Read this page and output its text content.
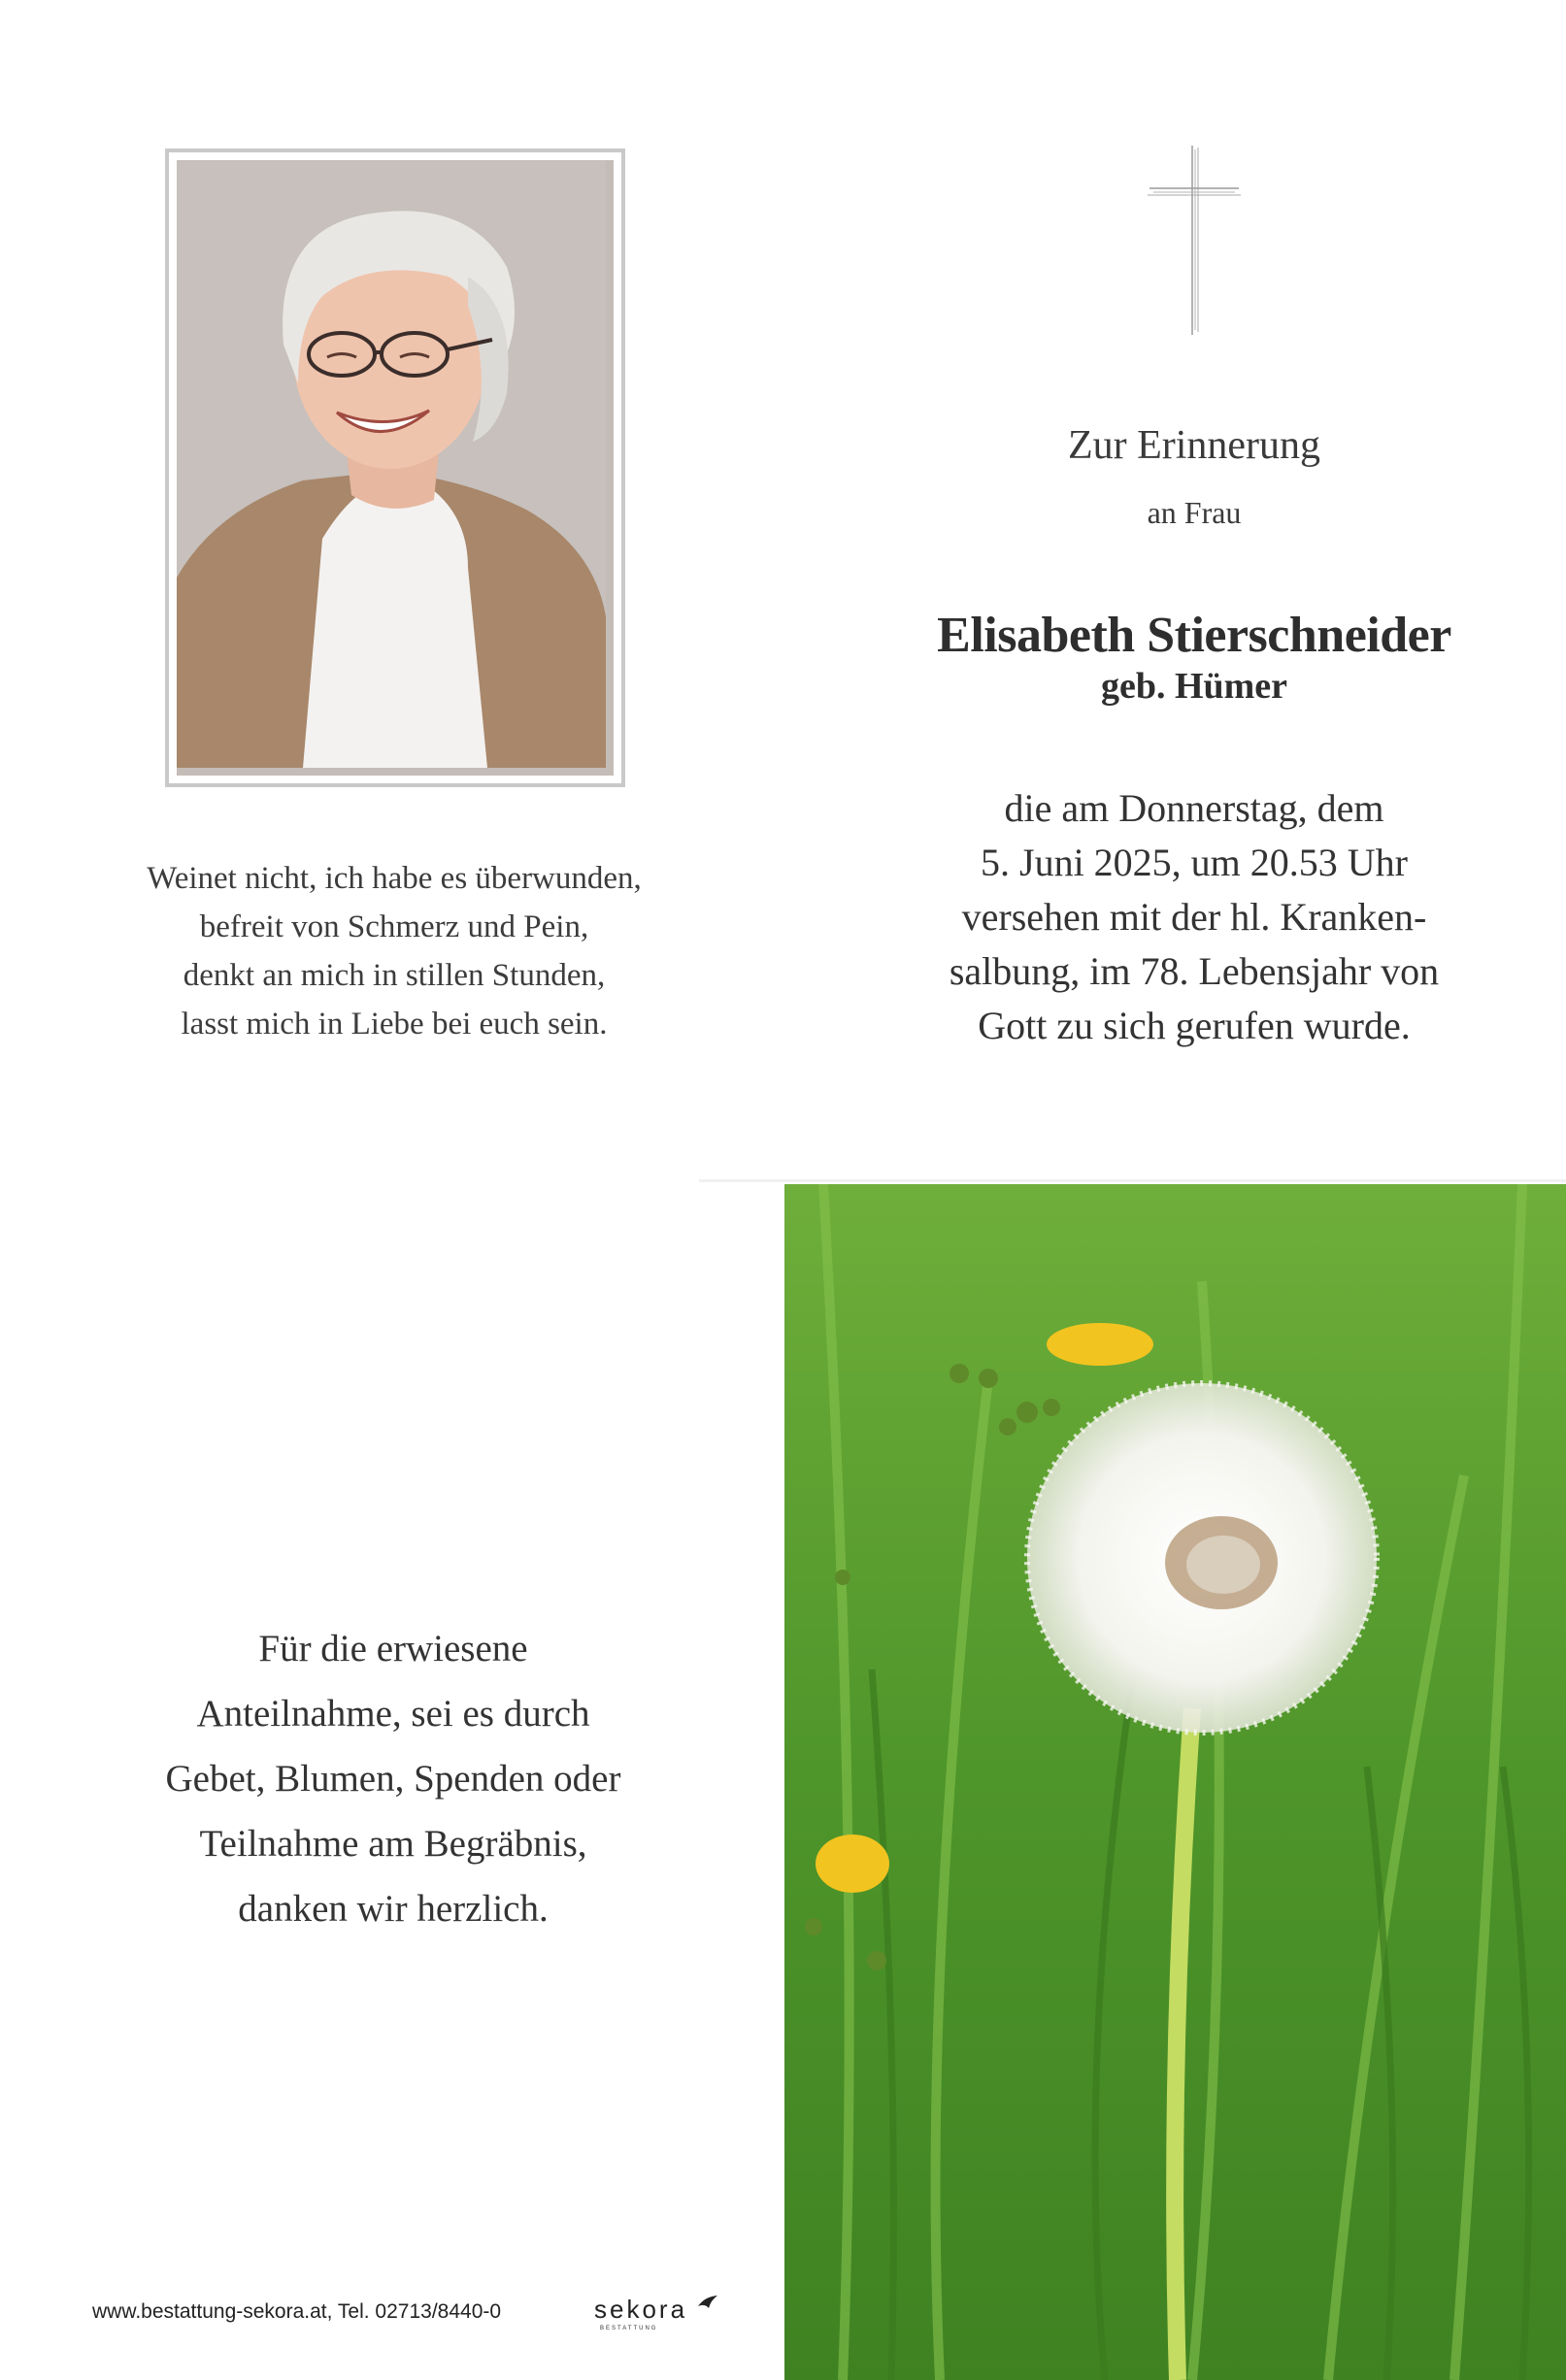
Weinet nicht, ich habe es überwunden,
befreit von Schmerz und Pein,
denkt an mich in stillen Stunden,
lasst mich in Liebe bei euch sein.
Zur Erinnerung
an Frau
Elisabeth Stierschneider
geb. Hümer
die am Donnerstag, dem
5. Juni 2025, um 20.53 Uhr
versehen mit der hl. Kranken-
salbung, im 78. Lebensjahr von
Gott zu sich gerufen wurde.
Für die erwiesene
Anteilnahme, sei es durch
Gebet, Blumen, Spenden oder
Teilnahme am Begräbnis,
danken wir herzlich.
www.bestattung-sekora.at, Tel. 02713/8440-0	sekora
BESTATTUNG
